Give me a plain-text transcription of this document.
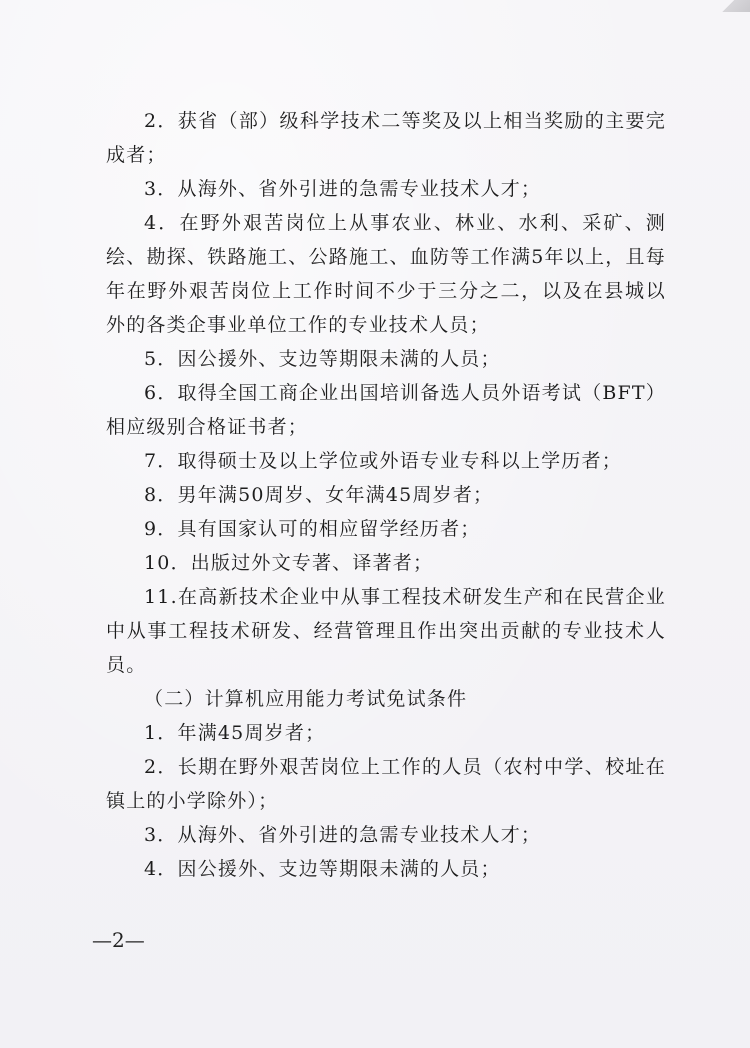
2．获省（部）级科学技术二等奖及以上相当奖励的主要完成者；

3．从海外、省外引进的急需专业技术人才；

4．在野外艰苦岗位上从事农业、林业、水利、采矿、测绘、勘探、铁路施工、公路施工、血防等工作满5年以上，且每年在野外艰苦岗位上工作时间不少于三分之二，以及在县城以外的各类企事业单位工作的专业技术人员；

5．因公援外、支边等期限未满的人员；

6．取得全国工商企业出国培训备选人员外语考试（BFT）相应级别合格证书者；

7．取得硕士及以上学位或外语专业专科以上学历者；

8．男年满50周岁、女年满45周岁者；

9．具有国家认可的相应留学经历者；

10．出版过外文专著、译著者；

11.在高新技术企业中从事工程技术研发生产和在民营企业中从事工程技术研发、经营管理且作出突出贡献的专业技术人员。

（二）计算机应用能力考试免试条件

1．年满45周岁者；

2．长期在野外艰苦岗位上工作的人员（农村中学、校址在镇上的小学除外）；

3．从海外、省外引进的急需专业技术人才；

4．因公援外、支边等期限未满的人员；

—2—
